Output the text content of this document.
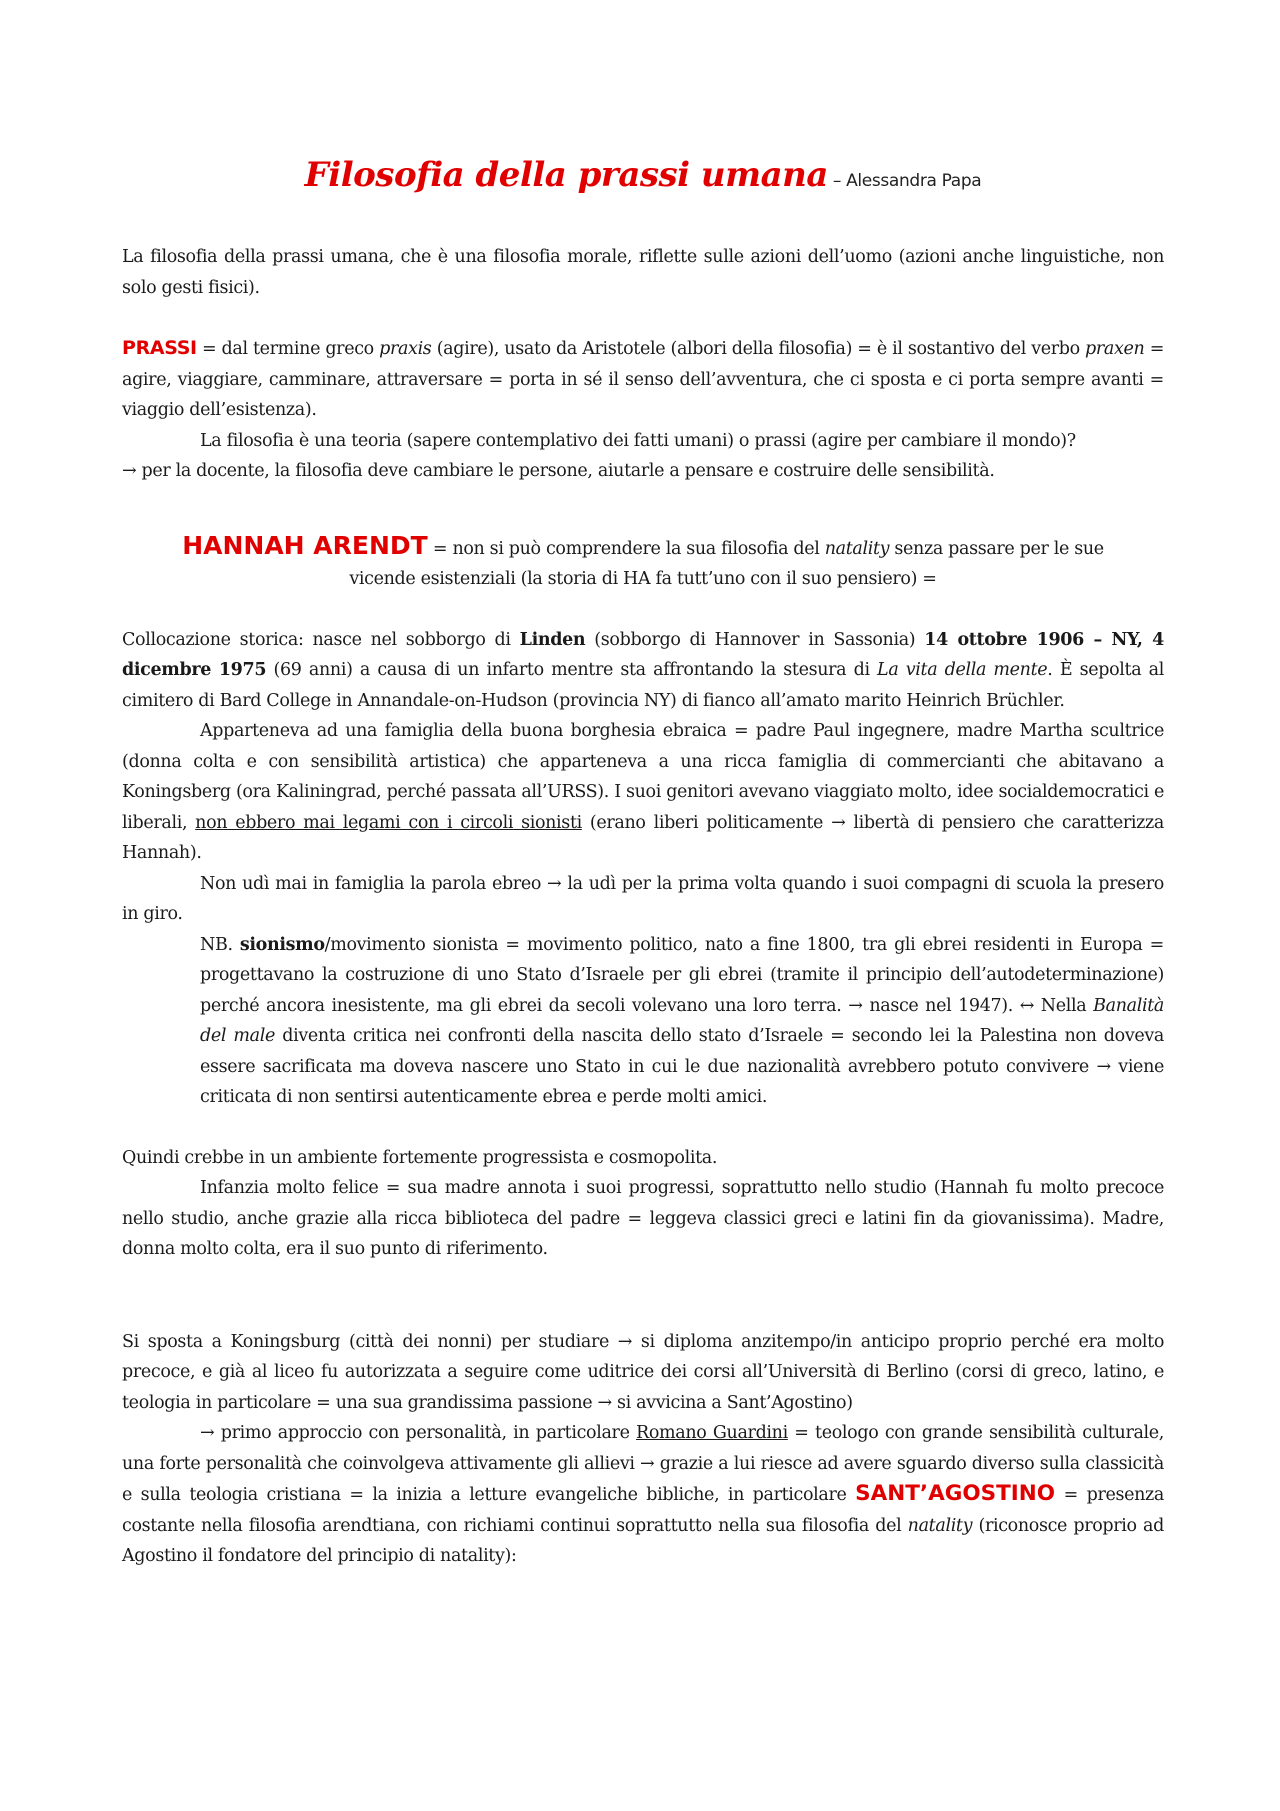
Filosofia della prassi umana – Alessandra Papa

La filosofia della prassi umana, che è una filosofia morale, riflette sulle azioni dell’uomo (azioni anche linguistiche, non solo gesti fisici).

PRASSI = dal termine greco praxis (agire), usato da Aristotele (albori della filosofia) = è il sostantivo del verbo praxen = agire, viaggiare, camminare, attraversare = porta in sé il senso dell’avventura, che ci sposta e ci porta sempre avanti = viaggio dell’esistenza).

La filosofia è una teoria (sapere contemplativo dei fatti umani) o prassi (agire per cambiare il mondo)?

→ per la docente, la filosofia deve cambiare le persone, aiutarle a pensare e costruire delle sensibilità.

HANNAH ARENDT = non si può comprendere la sua filosofia del natality senza passare per le sue vicende esistenziali (la storia di HA fa tutt’uno con il suo pensiero) =

Collocazione storica: nasce nel sobborgo di Linden (sobborgo di Hannover in Sassonia) 14 ottobre 1906 – NY, 4 dicembre 1975 (69 anni) a causa di un infarto mentre sta affrontando la stesura di La vita della mente. È sepolta al cimitero di Bard College in Annandale-on-Hudson (provincia NY) di fianco all’amato marito Heinrich Brüchler.

Apparteneva ad una famiglia della buona borghesia ebraica = padre Paul ingegnere, madre Martha scultrice (donna colta e con sensibilità artistica) che apparteneva a una ricca famiglia di commercianti che abitavano a Koningsberg (ora Kaliningrad, perché passata all’URSS). I suoi genitori avevano viaggiato molto, idee socialdemocratici e liberali, non ebbero mai legami con i circoli sionisti (erano liberi politicamente → libertà di pensiero che caratterizza Hannah).

Non udì mai in famiglia la parola ebreo → la udì per la prima volta quando i suoi compagni di scuola la presero in giro.

NB. sionismo/movimento sionista = movimento politico, nato a fine 1800, tra gli ebrei residenti in Europa = progettavano la costruzione di uno Stato d’Israele per gli ebrei (tramite il principio dell’autodeterminazione) perché ancora inesistente, ma gli ebrei da secoli volevano una loro terra. → nasce nel 1947). ↔ Nella Banalità del male diventa critica nei confronti della nascita dello stato d’Israele = secondo lei la Palestina non doveva essere sacrificata ma doveva nascere uno Stato in cui le due nazionalità avrebbero potuto convivere → viene criticata di non sentirsi autenticamente ebrea e perde molti amici.

Quindi crebbe in un ambiente fortemente progressista e cosmopolita.

Infanzia molto felice = sua madre annota i suoi progressi, soprattutto nello studio (Hannah fu molto precoce nello studio, anche grazie alla ricca biblioteca del padre = leggeva classici greci e latini fin da giovanissima). Madre, donna molto colta, era il suo punto di riferimento.

Si sposta a Koningsburg (città dei nonni) per studiare → si diploma anzitempo/in anticipo proprio perché era molto precoce, e già al liceo fu autorizzata a seguire come uditrice dei corsi all’Università di Berlino (corsi di greco, latino, e teologia in particolare = una sua grandissima passione → si avvicina a Sant’Agostino)

→ primo approccio con personalità, in particolare Romano Guardini = teologo con grande sensibilità culturale, una forte personalità che coinvolgeva attivamente gli allievi → grazie a lui riesce ad avere sguardo diverso sulla classicità e sulla teologia cristiana = la inizia a letture evangeliche bibliche, in particolare SANT’AGOSTINO = presenza costante nella filosofia arendtiana, con richiami continui soprattutto nella sua filosofia del natality (riconosce proprio ad Agostino il fondatore del principio di natality):
